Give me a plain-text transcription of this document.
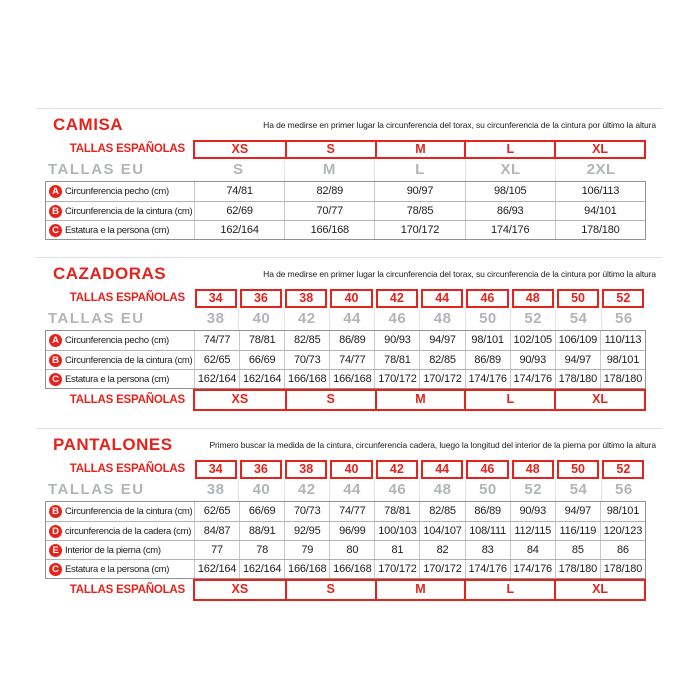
CAMISA	Ha de medirse en primer lugar la circunferencia del torax, su circunferencia de la cintura por último la altura
TALLAS ESPAÑOLAS	XS	S	M	L	XL
TALLAS EU	S	M	L	XL	2XL
A Circunferencia pecho (cm)	74/81	82/89	90/97	98/105	106/113
B Circunferencia de la cintura (cm)	62/69	70/77	78/85	86/93	94/101
C Estatura e la persona (cm)	162/164	166/168	170/172	174/176	178/180
CAZADORAS	Ha de medirse en primer lugar la circunferencia del torax, su circunferencia de la cintura por último la altura
TALLAS ESPAÑOLAS	34	36	38	40	42	44	46	48	50	52
TALLAS EU	38	40	42	44	46	48	50	52	54	56
A Circunferencia pecho (cm)	74/77	78/81	82/85	86/89	90/93	94/97	98/101 102/105 106/109 110/113
B Circunferencia de la cintura (cm)	62/65	66/69	70/73	74/77	78/81	82/85	86/89	90/93	94/97	98/101
C Estatura e la persona (cm)	162/164 162/164 166/168 166/168 170/172 170/172 174/176 174/176 178/180 178/180
TALLAS ESPAÑOLAS	XS	S	M	L	XL
PANTALONES	Primero buscar la medida de la cintura, circunferencia cadera, luego la longitud del interior de la pierna por último la altura
TALLAS ESPAÑOLAS	34	36	38	40	42	44	46	48	50	52
TALLAS EU	38	40	42	44	46	48	50	52	54	56
B Circunferencia de la cintura (cm)	62/65	66/69	70/73	74/77	78/81	82/85	86/89	90/93	94/97	98/101
D circunferencia de la cadera (cm)	84/87	88/91	92/95	96/99	100/103 104/107 108/111 112/115 116/119 120/123
E Interior de la pierna (cm)	77	78	79	80	81	82	83	84	85	86
C Estatura e la persona (cm)	162/164 162/164 166/168 166/168 170/172 170/172 174/176 174/176 178/180 178/180
TALLAS ESPAÑOLAS	XS	S	M	L	XL
